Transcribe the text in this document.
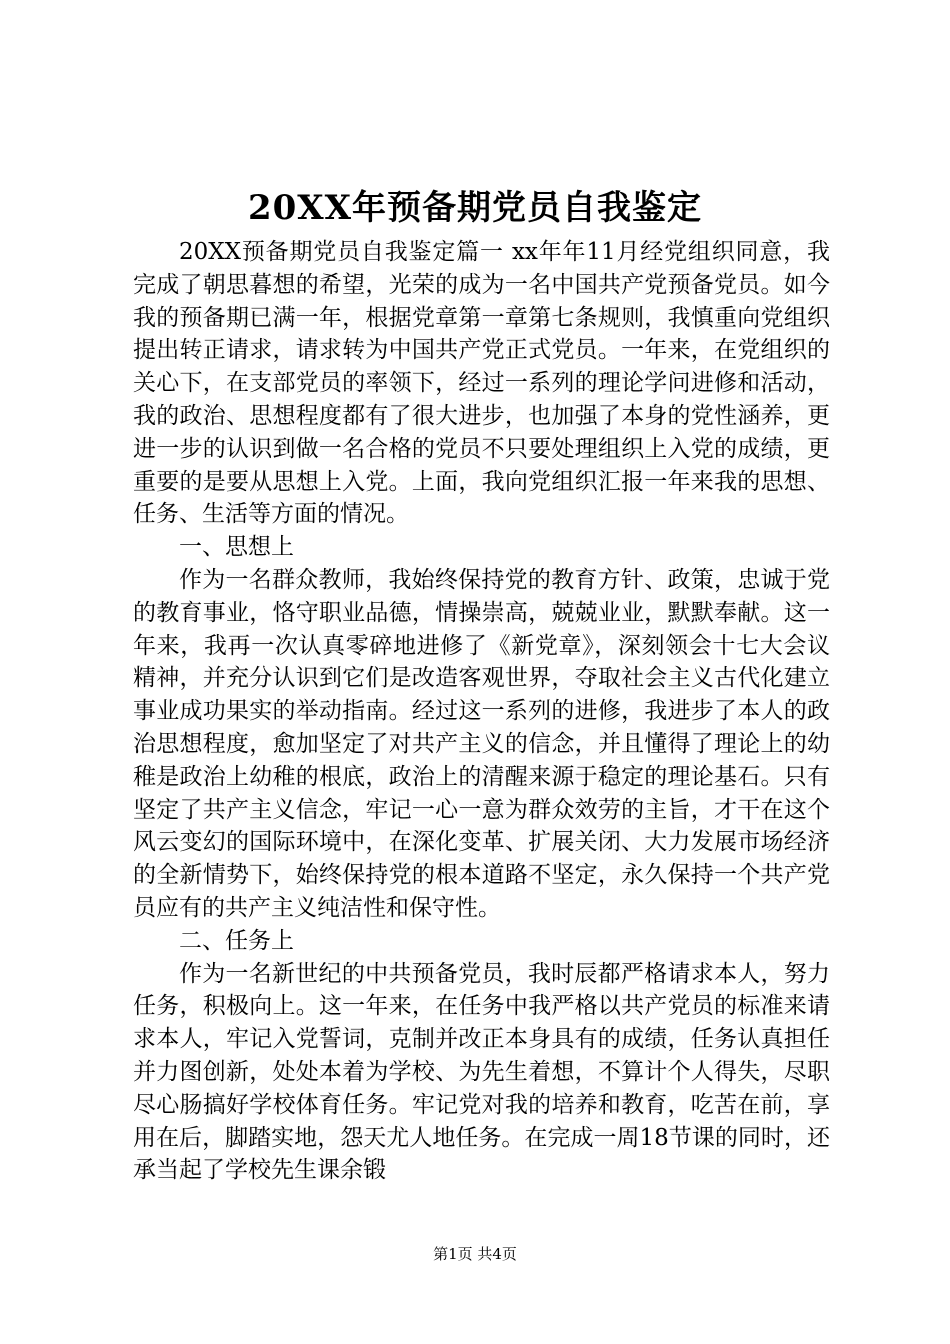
20XX年预备期党员自我鉴定

20XX预备期党员自我鉴定篇一 xx年年11月经党组织同意，我完成了朝思暮想的希望，光荣的成为一名中国共产党预备党员。如今我的预备期已满一年，根据党章第一章第七条规则，我慎重向党组织提出转正请求，请求转为中国共产党正式党员。一年来，在党组织的关心下，在支部党员的率领下，经过一系列的理论学问进修和活动，我的政治、思想程度都有了很大进步，也加强了本身的党性涵养，更进一步的认识到做一名合格的党员不只要处理组织上入党的成绩，更重要的是要从思想上入党。上面，我向党组织汇报一年来我的思想、任务、生活等方面的情况。

一、思想上

作为一名群众教师，我始终保持党的教育方针、政策，忠诚于党的教育事业，恪守职业品德，情操崇高，兢兢业业，默默奉献。这一年来，我再一次认真零碎地进修了《新党章》，深刻领会十七大会议精神，并充分认识到它们是改造客观世界，夺取社会主义古代化建立事业成功果实的举动指南。经过这一系列的进修，我进步了本人的政治思想程度，愈加坚定了对共产主义的信念，并且懂得了理论上的幼稚是政治上幼稚的根底，政治上的清醒来源于稳定的理论基石。只有坚定了共产主义信念，牢记一心一意为群众效劳的主旨，才干在这个风云变幻的国际环境中，在深化变革、扩展关闭、大力发展市场经济的全新情势下，始终保持党的根本道路不坚定，永久保持一个共产党员应有的共产主义纯洁性和保守性。

二、任务上

作为一名新世纪的中共预备党员，我时辰都严格请求本人，努力任务，积极向上。这一年来，在任务中我严格以共产党员的标准来请求本人，牢记入党誓词，克制并改正本身具有的成绩，任务认真担任并力图创新，处处本着为学校、为先生着想，不算计个人得失，尽职尽心肠搞好学校体育任务。牢记党对我的培养和教育，吃苦在前，享用在后，脚踏实地，怨天尤人地任务。在完成一周18节课的同时，还承当起了学校先生课余锻

第1页 共4页
